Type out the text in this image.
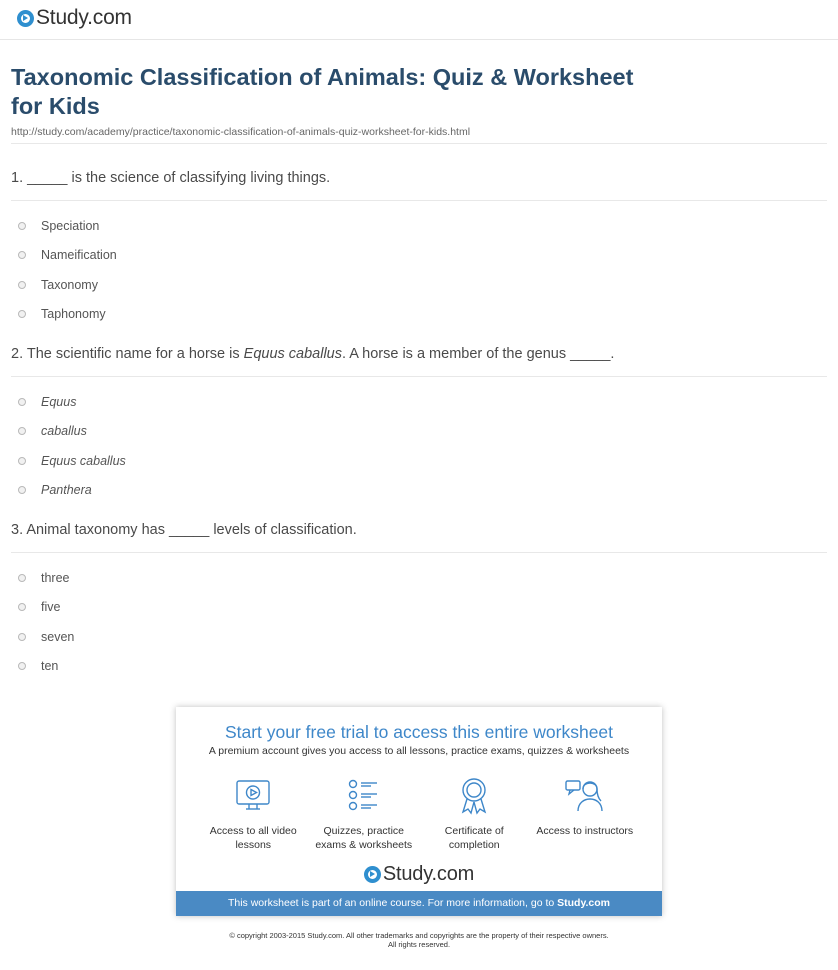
Study.com
Taxonomic Classification of Animals: Quiz & Worksheet for Kids
http://study.com/academy/practice/taxonomic-classification-of-animals-quiz-worksheet-for-kids.html
1. _____ is the science of classifying living things.
Speciation
Nameification
Taxonomy
Taphonomy
2. The scientific name for a horse is Equus caballus. A horse is a member of the genus _____.
Equus
caballus
Equus caballus
Panthera
3. Animal taxonomy has _____ levels of classification.
three
five
seven
ten
Start your free trial to access this entire worksheet
A premium account gives you access to all lessons, practice exams, quizzes & worksheets
Access to all video lessons
Quizzes, practice exams & worksheets
Certificate of completion
Access to instructors
Study.com
This worksheet is part of an online course. For more information, go to Study.com
© copyright 2003-2015 Study.com. All other trademarks and copyrights are the property of their respective owners.
All rights reserved.
